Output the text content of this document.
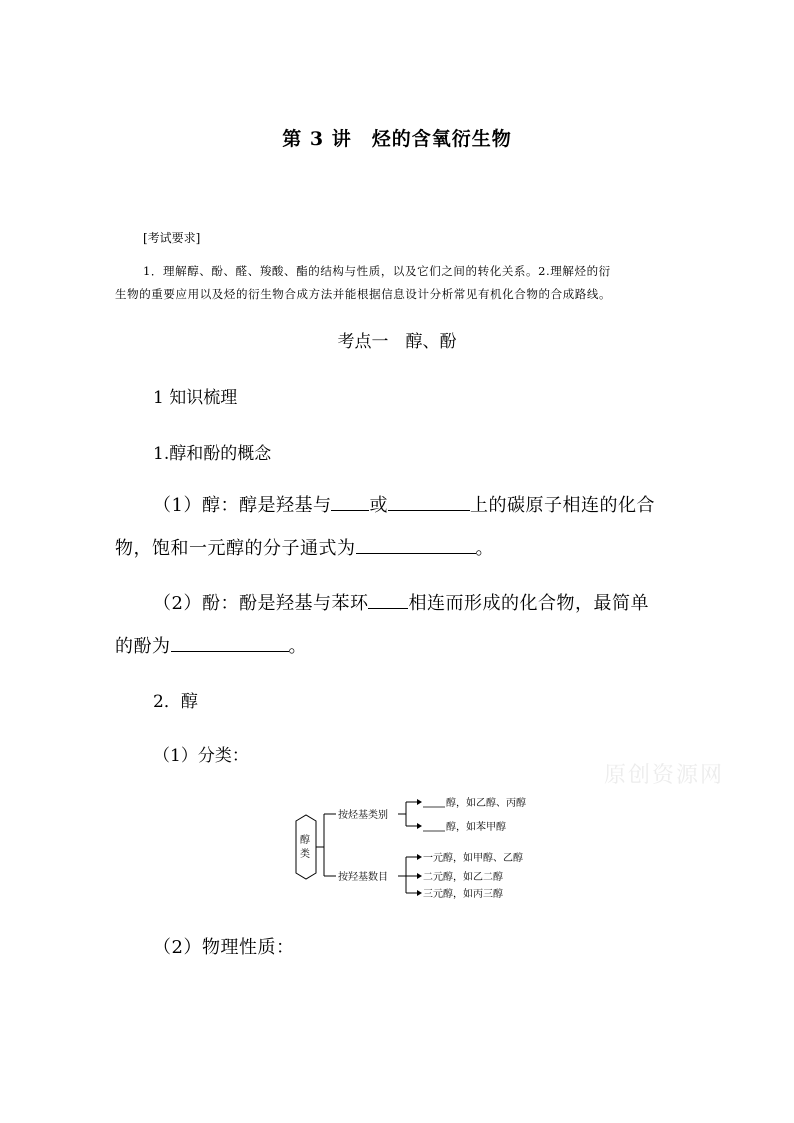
第 3 讲　烃的含氧衍生物
[考试要求]
1．理解醇、酚、醛、羧酸、酯的结构与性质，以及它们之间的转化关系。2.理解烃的衍
生物的重要应用以及烃的衍生物合成方法并能根据信息设计分析常见有机化合物的合成路线。
考点一　醇、酚
1 知识梳理
1.醇和酚的概念
（1）醇：醇是羟基与 或	上的碳原子相连的化合
物，饱和一元醇的分子通式为	。
（2）酚：酚是羟基与苯环 相连而形成的化合物，最简单
的酚为	。
2．醇
（1）分类：
原创资源网
醇
类
按烃基类别
按羟基数目
醇，如乙醇、丙醇
醇，如苯甲醇
一元醇，如甲醇、乙醇
二元醇，如乙二醇
三元醇，如丙三醇
（2）物理性质：
